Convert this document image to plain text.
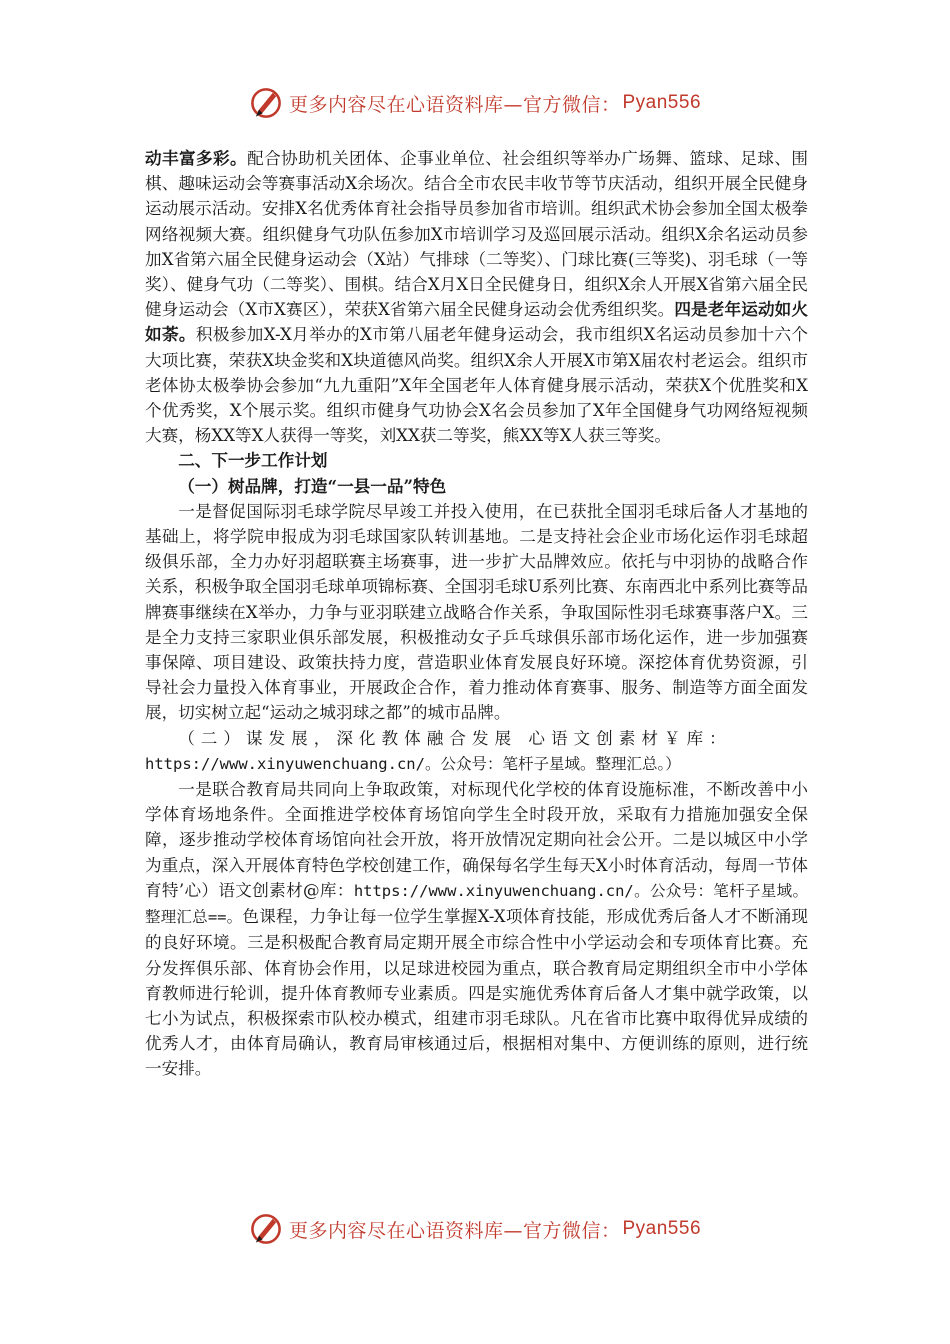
更多内容尽在心语资料库—官方微信： Pyan556

动丰富多彩。配合协助机关团体、企事业单位、社会组织等举办广场舞、篮球、足球、围棋、趣味运动会等赛事活动X余场次。结合全市农民丰收节等节庆活动，组织开展全民健身运动展示活动。安排X名优秀体育社会指导员参加省市培训。组织武术协会参加全国太极拳网络视频大赛。组织健身气功队伍参加X市培训学习及巡回展示活动。组织X余名运动员参加X省第六届全民健身运动会（X站）气排球（二等奖）、门球比赛(三等奖)、羽毛球（一等奖）、健身气功（二等奖）、围棋。结合X月X日全民健身日，组织X余人开展X省第六届全民健身运动会（X市X赛区），荣获X省第六届全民健身运动会优秀组织奖。四是老年运动如火如荼。积极参加X-X月举办的X市第八届老年健身运动会，我市组织X名运动员参加十六个大项比赛，荣获X块金奖和X块道德风尚奖。组织X余人开展X市第X届农村老运会。组织市老体协太极拳协会参加“九九重阳”X年全国老年人体育健身展示活动，荣获X个优胜奖和X个优秀奖，X个展示奖。组织市健身气功协会X名会员参加了X年全国健身气功网络短视频大赛，杨XX等X人获得一等奖，刘XX获二等奖，熊XX等X人获三等奖。

二、下一步工作计划

（一）树品牌，打造“一县一品”特色

一是督促国际羽毛球学院尽早竣工并投入使用，在已获批全国羽毛球后备人才基地的基础上，将学院申报成为羽毛球国家队转训基地。二是支持社会企业市场化运作羽毛球超级俱乐部，全力办好羽超联赛主场赛事，进一步扩大品牌效应。依托与中羽协的战略合作关系，积极争取全国羽毛球单项锦标赛、全国羽毛球U系列比赛、东南西北中系列比赛等品牌赛事继续在X举办，力争与亚羽联建立战略合作关系，争取国际性羽毛球赛事落户X。三是全力支持三家职业俱乐部发展，积极推动女子乒乓球俱乐部市场化运作，进一步加强赛事保障、项目建设、政策扶持力度，营造职业体育发展良好环境。深挖体育优势资源，引导社会力量投入体育事业，开展政企合作，着力推动体育赛事、服务、制造等方面全面发展，切实树立起“运动之城羽球之都”的城市品牌。

（二）谋发展，深化教体融合发展 心语文创素材￥库：

https://www.xinyuwenchuang.cn/。公众号：笔杆子星域。整理汇总。）

一是联合教育局共同向上争取政策，对标现代化学校的体育设施标准，不断改善中小学体育场地条件。全面推进学校体育场馆向学生全时段开放，采取有力措施加强安全保障，逐步推动学校体育场馆向社会开放，将开放情况定期向社会公开。二是以城区中小学为重点，深入开展体育特色学校创建工作，确保每名学生每天X小时体育活动，每周一节体育特’心）语文创素材@库：https://www.xinyuwenchuang.cn/。公众号：笔杆子星域。整理汇总==。色课程，力争让每一位学生掌握X-X项体育技能，形成优秀后备人才不断涌现的良好环境。三是积极配合教育局定期开展全市综合性中小学运动会和专项体育比赛。充分发挥俱乐部、体育协会作用，以足球进校园为重点，联合教育局定期组织全市中小学体育教师进行轮训，提升体育教师专业素质。四是实施优秀体育后备人才集中就学政策，以七小为试点，积极探索市队校办模式，组建市羽毛球队。凡在省市比赛中取得优异成绩的优秀人才，由体育局确认，教育局审核通过后，根据相对集中、方便训练的原则，进行统一安排。

更多内容尽在心语资料库—官方微信： Pyan556
